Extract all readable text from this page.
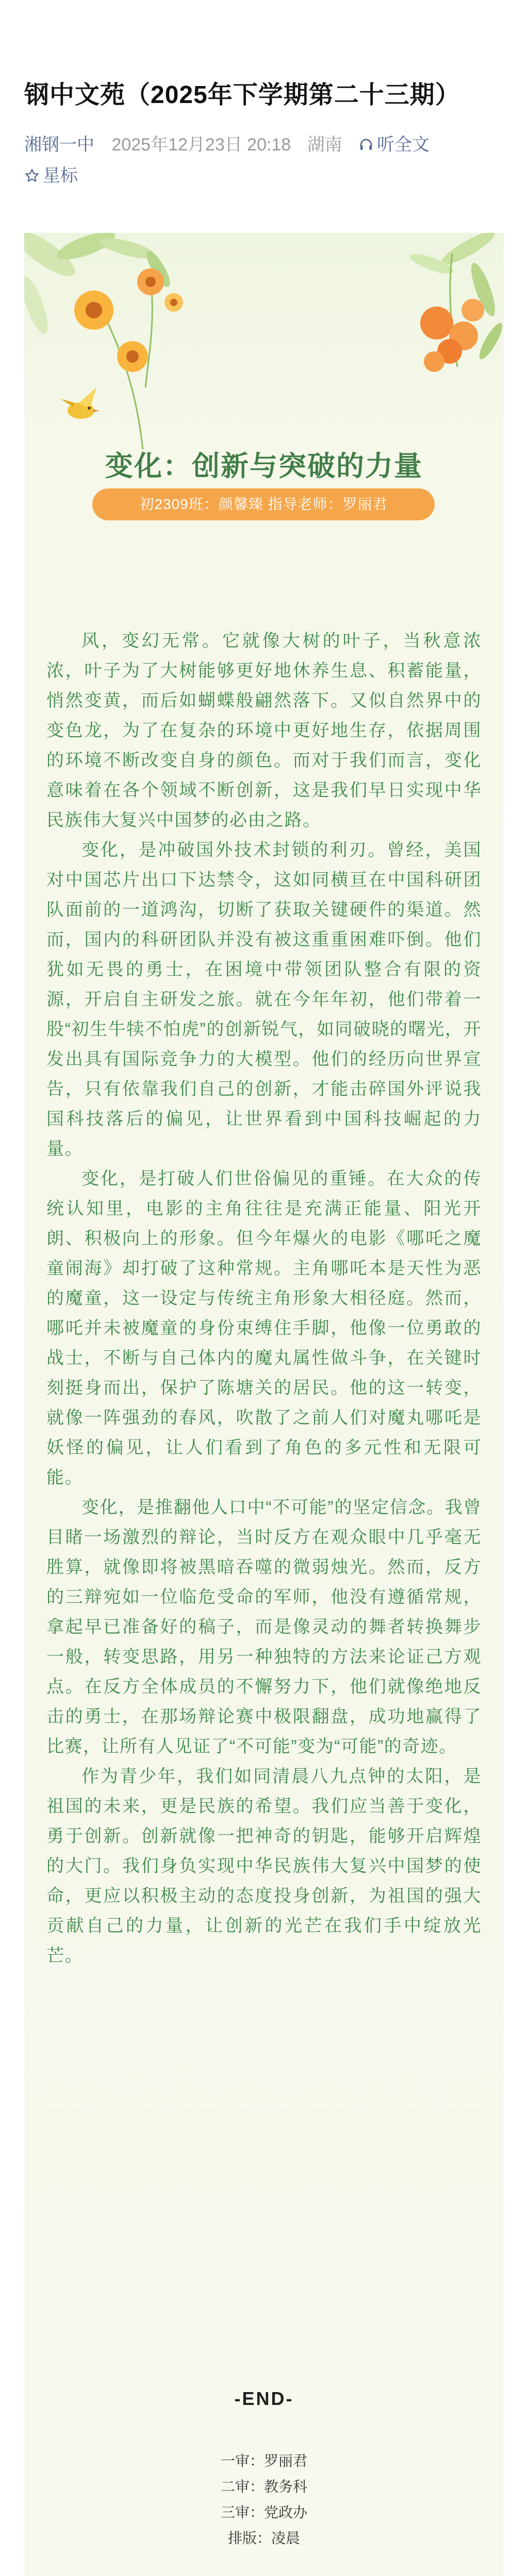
钢中文苑（2025年下学期第二十三期）
湘钢一中 2025年12月23日 20:18 湖南 听全文
星标
变化：创新与突破的力量
初2309班：颜馨臻 指导老师：罗丽君

风，变幻无常。它就像大树的叶子，当秋意浓浓，叶子为了大树能够更好地休养生息、积蓄能量，悄然变黄，而后如蝴蝶般翩然落下。又似自然界中的变色龙，为了在复杂的环境中更好地生存，依据周围的环境不断改变自身的颜色。而对于我们而言，变化意味着在各个领域不断创新，这是我们早日实现中华民族伟大复兴中国梦的必由之路。

变化，是冲破国外技术封锁的利刃。曾经，美国对中国芯片出口下达禁令，这如同横亘在中国科研团队面前的一道鸿沟，切断了获取关键硬件的渠道。然而，国内的科研团队并没有被这重重困难吓倒。他们犹如无畏的勇士，在困境中带领团队整合有限的资源，开启自主研发之旅。就在今年年初，他们带着一股“初生牛犊不怕虎”的创新锐气，如同破晓的曙光，开发出具有国际竞争力的大模型。他们的经历向世界宣告，只有依靠我们自己的创新，才能击碎国外评说我国科技落后的偏见，让世界看到中国科技崛起的力量。

变化，是打破人们世俗偏见的重锤。在大众的传统认知里，电影的主角往往是充满正能量、阳光开朗、积极向上的形象。但今年爆火的电影《哪吒之魔童闹海》却打破了这种常规。主角哪吒本是天性为恶的魔童，这一设定与传统主角形象大相径庭。然而，哪吒并未被魔童的身份束缚住手脚，他像一位勇敢的战士，不断与自己体内的魔丸属性做斗争，在关键时刻挺身而出，保护了陈塘关的居民。他的这一转变，就像一阵强劲的春风，吹散了之前人们对魔丸哪吒是妖怪的偏见，让人们看到了角色的多元性和无限可能。

变化，是推翻他人口中“不可能”的坚定信念。我曾目睹一场激烈的辩论，当时反方在观众眼中几乎毫无胜算，就像即将被黑暗吞噬的微弱烛光。然而，反方的三辩宛如一位临危受命的军师，他没有遵循常规，拿起早已准备好的稿子，而是像灵动的舞者转换舞步一般，转变思路，用另一种独特的方法来论证己方观点。在反方全体成员的不懈努力下，他们就像绝地反击的勇士，在那场辩论赛中极限翻盘，成功地赢得了比赛，让所有人见证了“不可能”变为“可能”的奇迹。

作为青少年，我们如同清晨八九点钟的太阳，是祖国的未来，更是民族的希望。我们应当善于变化，勇于创新。创新就像一把神奇的钥匙，能够开启辉煌的大门。我们身负实现中华民族伟大复兴中国梦的使命，更应以积极主动的态度投身创新，为祖国的强大贡献自己的力量，让创新的光芒在我们手中绽放光芒。

-END-
一审：罗丽君
二审：教务科
三审：党政办
排版：凌晨
